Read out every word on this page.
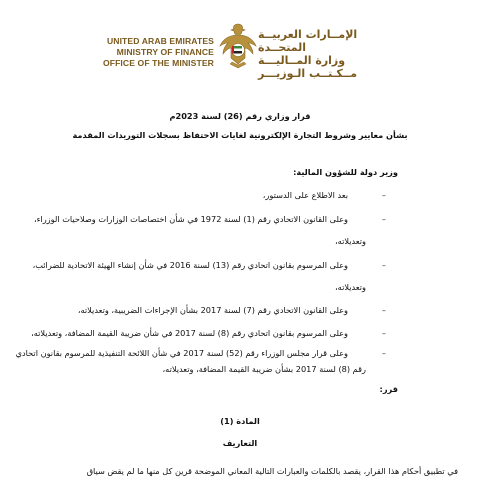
UNITED ARAB EMIRATES
MINISTRY OF FINANCE
OFFICE OF THE MINISTER
الإمــارات العربيــة المتحــدة
وزارة المــاليـــة
مــكـتــب الـوزيـــر
قرار وزاري رقم (26) لسنة 2023م
بشأن معايير وشروط التجارة الإلكترونية لغايات الاحتفاظ بسجلات التوريدات المقدمة
وزير دولة للشؤون المالية:
–
بعد الاطلاع على الدستور،
–
وعلى القانون الاتحادي رقم (1) لسنة 1972 في شأن اختصاصات الوزارات وصلاحيات الوزراء،
وتعديلاته،
–
وعلى المرسوم بقانون اتحادي رقم (13) لسنة 2016 في شأن إنشاء الهيئة الاتحادية للضرائب،
وتعديلاته،
–
وعلى القانون الاتحادي رقم (7) لسنة 2017 بشأن الإجراءات الضريبية، وتعديلاته،
–
وعلى المرسوم بقانون اتحادي رقم (8) لسنة 2017 في شأن ضريبة القيمة المضافة، وتعديلاته،
–
وعلى قرار مجلس الوزراء رقم (52) لسنة 2017 في شأن اللائحة التنفيذية للمرسوم بقانون اتحادي
رقم (8) لسنة 2017 بشأن ضريبة القيمة المضافة، وتعديلاته،
قرر:
المادة (1)
التعاريف
في تطبيق أحكام هذا القرار، يقصد بالكلمات والعبارات التالية المعاني الموضحة قرين كل منها ما لم يقض سياق
